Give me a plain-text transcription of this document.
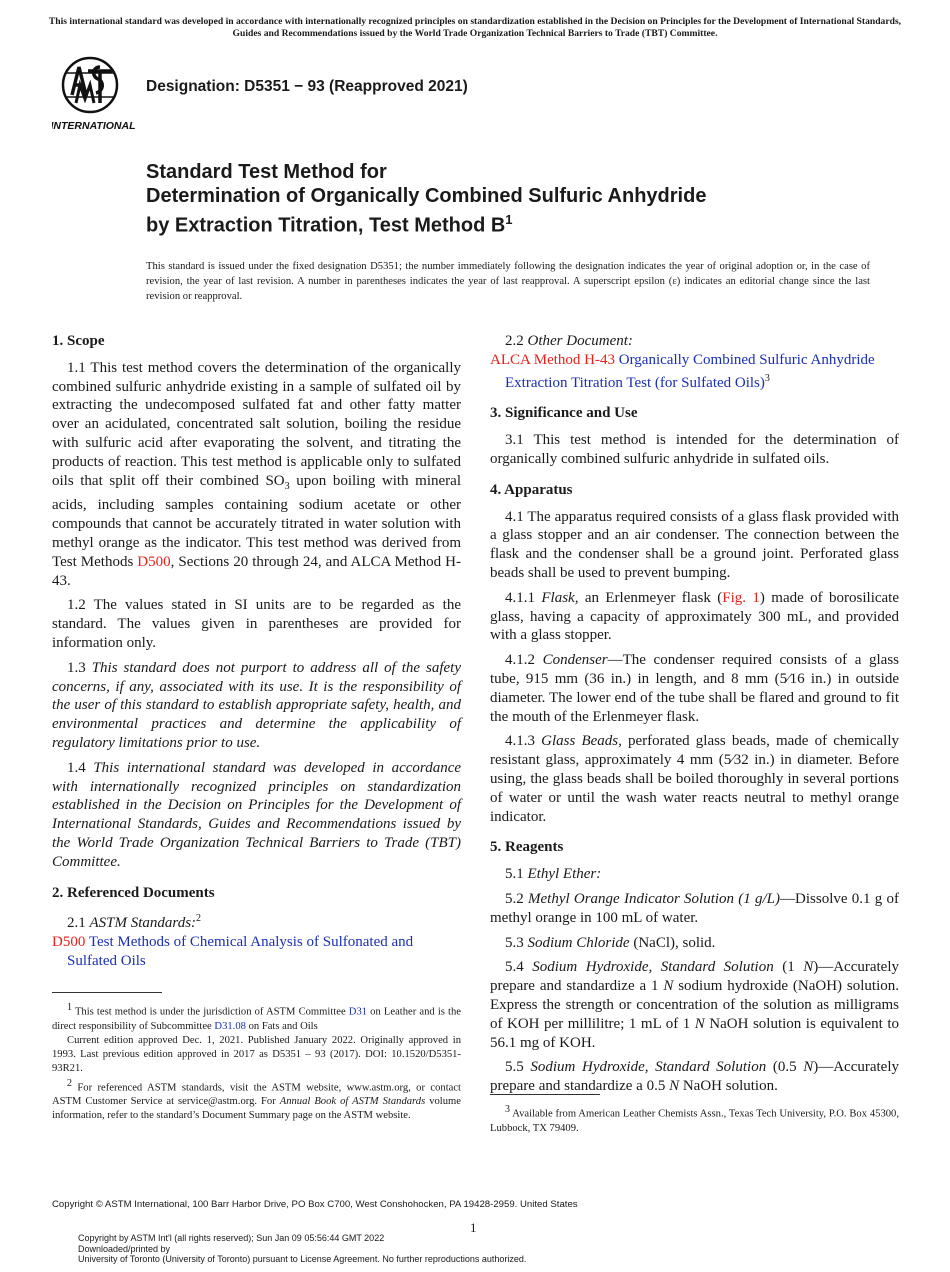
This international standard was developed in accordance with internationally recognized principles on standardization established in the Decision on Principles for the Development of International Standards, Guides and Recommendations issued by the World Trade Organization Technical Barriers to Trade (TBT) Committee.
INTERNATIONAL
Designation: D5351 − 93 (Reapproved 2021)
Standard Test Method for
Determination of Organically Combined Sulfuric Anhydride
by Extraction Titration, Test Method $B^1$
This standard is issued under the fixed designation D5351; the number immediately following the designation indicates the year of original adoption or, in the case of revision, the year of last revision. A number in parentheses indicates the year of last reapproval. A superscript epsilon (ε) indicates an editorial change since the last revision or reapproval.
1. Scope
1.1 This test method covers the determination of the organically combined sulfuric anhydride existing in a sample of sulfated oil by extracting the undecomposed sulfated fat and other fatty matter over an acidulated, concentrated salt solution, boiling the residue with sulfuric acid after evaporating the solvent, and titrating the products of reaction. This test method is applicable only to sulfated oils that split off their combined $SO_3$ upon boiling with mineral acids, including samples containing sodium acetate or other compounds that cannot be accurately titrated in water solution with methyl orange as the indicator. This test method was derived from Test Methods D500, Sections 20 through 24, and ALCA Method H-43.
1.2 The values stated in SI units are to be regarded as the standard. The values given in parentheses are provided for information only.
1.3 This standard does not purport to address all of the safety concerns, if any, associated with its use. It is the responsibility of the user of this standard to establish appropriate safety, health, and environmental practices and determine the applicability of regulatory limitations prior to use.
1.4 This international standard was developed in accordance with internationally recognized principles on standardization established in the Decision on Principles for the Development of International Standards, Guides and Recommendations issued by the World Trade Organization Technical Barriers to Trade (TBT) Committee.
2. Referenced Documents
2.1 ASTM Standards:$^2$
D500 Test Methods of Chemical Analysis of Sulfonated and Sulfated Oils
2.2 Other Document:
ALCA Method H-43 Organically Combined Sulfuric Anhydride Extraction Titration Test (for Sulfated Oils)$^3$
3. Significance and Use
3.1 This test method is intended for the determination of organically combined sulfuric anhydride in sulfated oils.
4. Apparatus
4.1 The apparatus required consists of a glass flask provided with a glass stopper and an air condenser. The connection between the flask and the condenser shall be a ground joint. Perforated glass beads shall be used to prevent bumping.
4.1.1 Flask, an Erlenmeyer flask (Fig. 1) made of borosilicate glass, having a capacity of approximately 300 mL, and provided with a glass stopper.
4.1.2 Condenser—The condenser required consists of a glass tube, 915 mm (36 in.) in length, and 8 mm (5⁄16 in.) in outside diameter. The lower end of the tube shall be flared and ground to fit the mouth of the Erlenmeyer flask.
4.1.3 Glass Beads, perforated glass beads, made of chemically resistant glass, approximately 4 mm (5⁄32 in.) in diameter. Before using, the glass beads shall be boiled thoroughly in several portions of water or until the wash water reacts neutral to methyl orange indicator.
5. Reagents
5.1 Ethyl Ether:
5.2 Methyl Orange Indicator Solution (1 g/L)—Dissolve 0.1 g of methyl orange in 100 mL of water.
5.3 Sodium Chloride (NaCl), solid.
5.4 Sodium Hydroxide, Standard Solution (1 N)—Accurately prepare and standardize a 1 N sodium hydroxide (NaOH) solution. Express the strength or concentration of the solution as milligrams of KOH per millilitre; 1 mL of 1 N NaOH solution is equivalent to 56.1 mg of KOH.
5.5 Sodium Hydroxide, Standard Solution (0.5 N)—Accurately prepare and standardize a 0.5 N NaOH solution.

$^1$ This test method is under the jurisdiction of ASTM Committee D31 on Leather and is the direct responsibility of Subcommittee D31.08 on Fats and Oils

Current edition approved Dec. 1, 2021. Published January 2022. Originally approved in 1993. Last previous edition approved in 2017 as D5351 – 93 (2017). DOI: 10.1520/D5351-93R21.

$^2$ For referenced ASTM standards, visit the ASTM website, www.astm.org, or contact ASTM Customer Service at service@astm.org. For Annual Book of ASTM Standards volume information, refer to the standard’s Document Summary page on the ASTM website.

$^3$ Available from American Leather Chemists Assn., Texas Tech University, P.O. Box 45300, Lubbock, TX 79409.

Copyright © ASTM International, 100 Barr Harbor Drive, PO Box C700, West Conshohocken, PA 19428-2959. United States
1
Copyright by ASTM Int'l (all rights reserved); Sun Jan 09 05:56:44 GMT 2022
Downloaded/printed by
University of Toronto (University of Toronto) pursuant to License Agreement. No further reproductions authorized.
